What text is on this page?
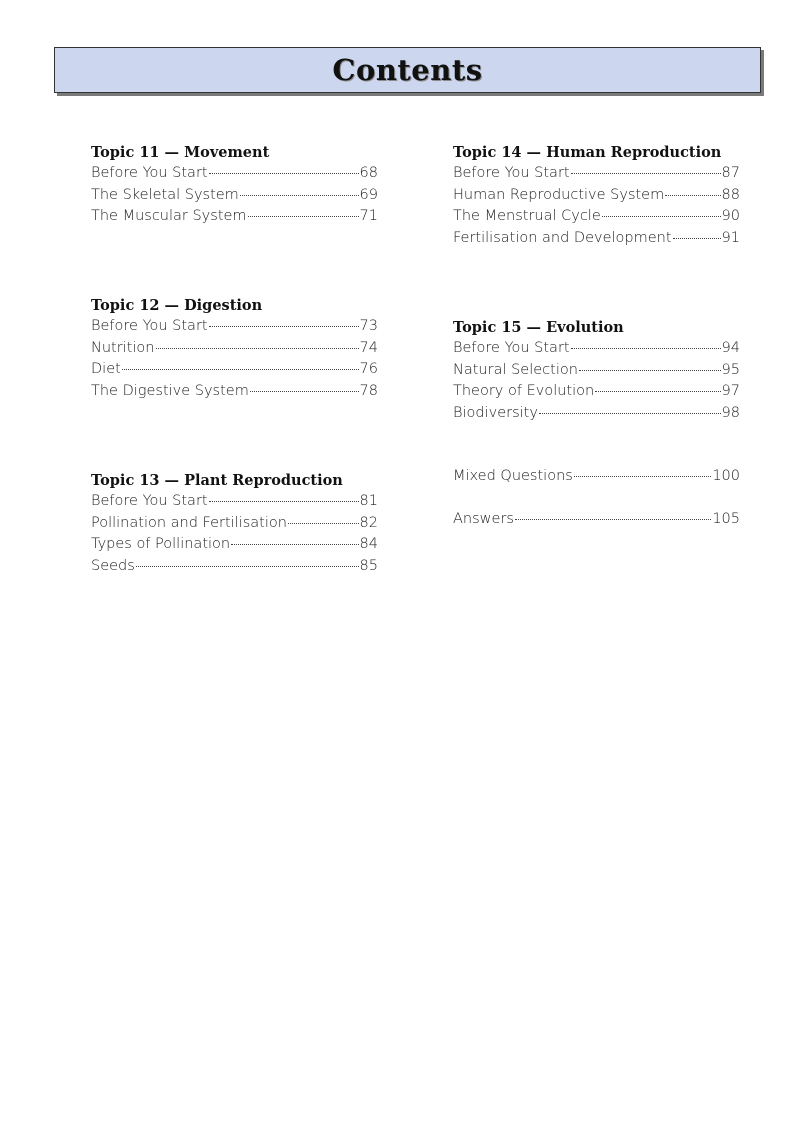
Contents
Topic 11 — Movement
Before You Start	68
The Skeletal System	69
The Muscular System	71
Topic 12 — Digestion
Before You Start	73
Nutrition	74
Diet	76
The Digestive System	78
Topic 13 — Plant Reproduction
Before You Start	81
Pollination and Fertilisation	82
Types of Pollination	84
Seeds	85
Topic 14 — Human Reproduction
Before You Start	87
Human Reproductive System	88
The Menstrual Cycle	90
Fertilisation and Development	91
Topic 15 — Evolution
Before You Start	94
Natural Selection	95
Theory of Evolution	97
Biodiversity	98
Mixed Questions	100
Answers	105
